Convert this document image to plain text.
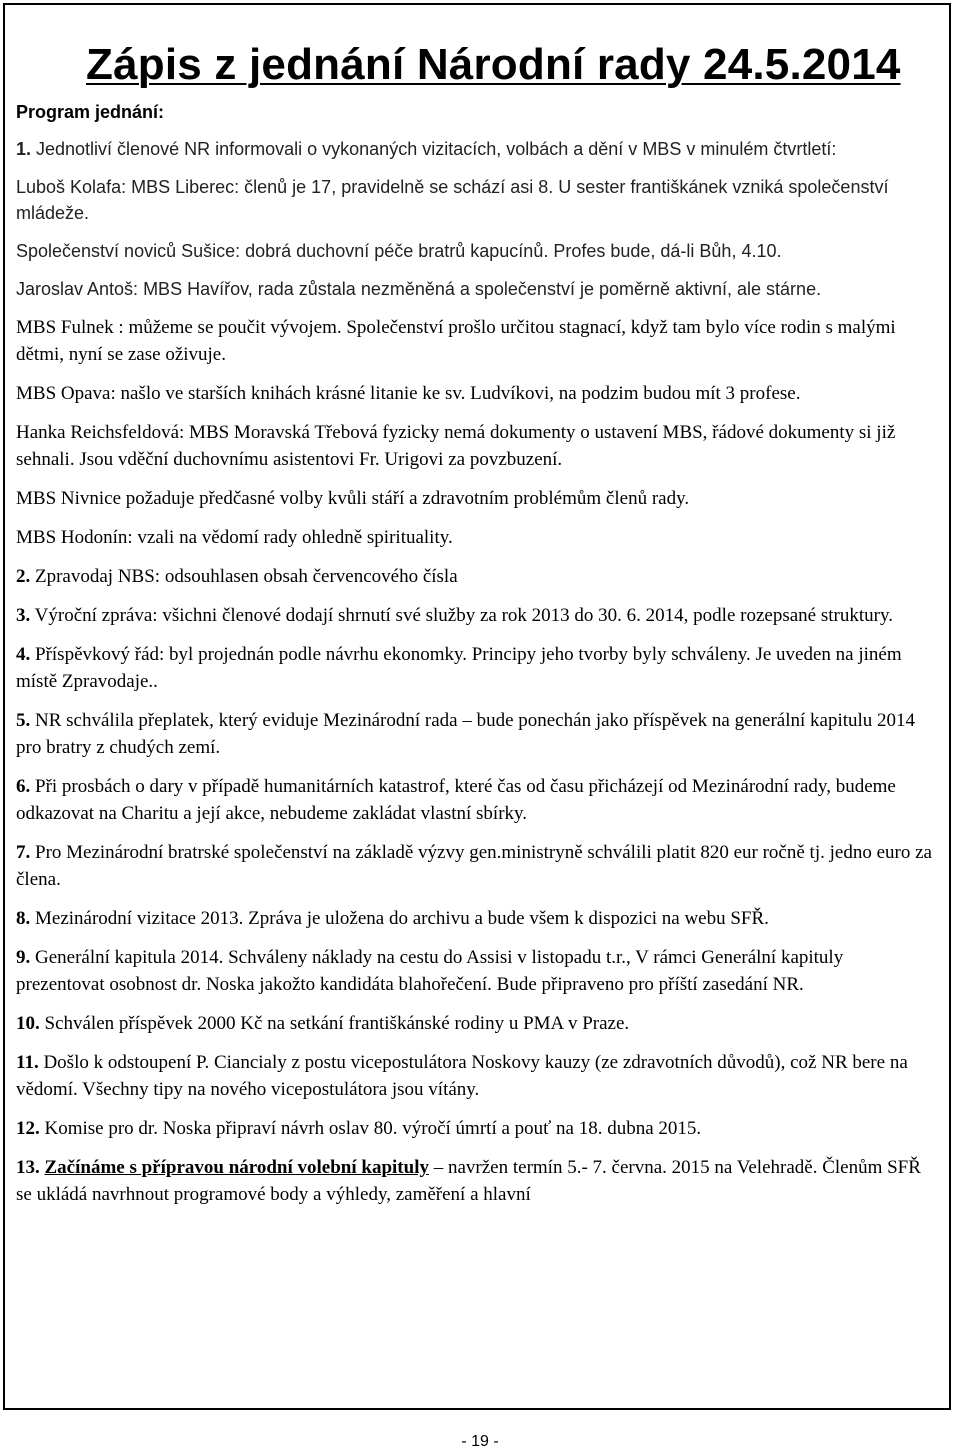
Zápis z jednání Národní rady 24.5.2014
Program jednání:

1. Jednotliví členové NR informovali o vykonaných vizitacích, volbách a dění v MBS v minulém čtvrtletí:

Luboš Kolafa: MBS Liberec: členů je 17, pravidelně se schází asi 8. U sester františkánek vzniká společenství mládeže.

Společenství noviců Sušice: dobrá duchovní péče bratrů kapucínů. Profes bude, dá-li Bůh, 4.10.

Jaroslav Antoš: MBS Havířov, rada zůstala nezměněná a společenství je poměrně aktivní, ale stárne.

MBS Fulnek : můžeme se poučit vývojem. Společenství prošlo určitou stagnací, když tam bylo více rodin s malými dětmi, nyní se zase oživuje.

MBS Opava: našlo ve starších knihách krásné litanie ke sv. Ludvíkovi, na podzim budou mít 3 profese.

Hanka Reichsfeldová: MBS Moravská Třebová fyzicky nemá dokumenty o ustavení MBS, řádové dokumenty si již sehnali. Jsou vděční duchovnímu asistentovi Fr. Urigovi za povzbuzení.

MBS Nivnice požaduje předčasné volby kvůli stáří a zdravotním problémům členů rady.

MBS Hodonín: vzali na vědomí rady ohledně spirituality.

2. Zpravodaj NBS: odsouhlasen obsah červencového čísla

3. Výroční zpráva: všichni členové dodají shrnutí své služby za rok 2013 do 30. 6. 2014, podle rozepsané struktury.

4. Příspěvkový řád: byl projednán podle návrhu ekonomky. Principy jeho tvorby byly schváleny. Je uveden na jiném místě Zpravodaje..

5. NR schválila přeplatek, který eviduje Mezinárodní rada – bude ponechán jako příspěvek na generální kapitulu 2014 pro bratry z chudých zemí.

6. Při prosbách o dary v případě humanitárních katastrof, které čas od času přicházejí od Mezinárodní rady, budeme odkazovat na Charitu a její akce, nebudeme zakládat vlastní sbírky.

7. Pro Mezinárodní bratrské společenství na základě výzvy gen.ministryně schválili platit 820 eur ročně tj. jedno euro za člena.

8. Mezinárodní vizitace 2013. Zpráva je uložena do archivu a bude všem k dispozici na webu SFŘ.

9. Generální kapitula 2014. Schváleny náklady na cestu do Assisi v listopadu t.r., V rámci Generální kapituly prezentovat osobnost dr. Noska jakožto kandidáta blahořečení. Bude připraveno pro příští zasedání NR.

10. Schválen příspěvek 2000 Kč na setkání františkánské rodiny u PMA v Praze.

11. Došlo k odstoupení P. Ciancialy z postu vicepostulátora Noskovy kauzy (ze zdravotních důvodů), což NR bere na vědomí. Všechny tipy na nového vicepostulátora jsou vítány.

12. Komise pro dr. Noska připraví návrh oslav 80. výročí úmrtí a pouť na 18. dubna 2015.

13. Začínáme s přípravou národní volební kapituly – navržen termín 5.- 7. června. 2015 na Velehradě. Členům SFŘ se ukládá navrhnout programové body a výhledy, zaměření a hlavní

- 19 -
